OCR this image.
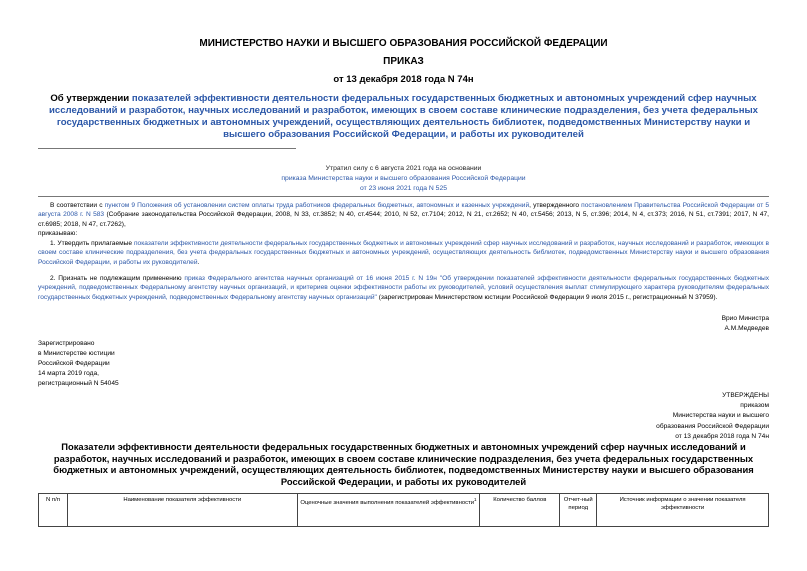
МИНИСТЕРСТВО НАУКИ И ВЫСШЕГО ОБРАЗОВАНИЯ РОССИЙСКОЙ ФЕДЕРАЦИИ
ПРИКАЗ
от 13 декабря 2018 года N 74н
Об утверждении показателей эффективности деятельности федеральных государственных бюджетных и автономных учреждений сфер научных исследований и разработок, научных исследований и разработок, имеющих в своем составе клинические подразделения, без учета федеральных государственных бюджетных и автономных учреждений, осуществляющих деятельность библиотек, подведомственных Министерству науки и высшего образования Российской Федерации, и работы их руководителей
Утратил силу с 6 августа 2021 года на основании
приказа Министерства науки и высшего образования Российской Федерации
от 23 июня 2021 года N 525
В соответствии с пунктом 9 Положения об установлении систем оплаты труда работников федеральных бюджетных, автономных и казенных учреждений, утвержденного постановлением Правительства Российской Федерации от 5 августа 2008 г. N 583 (Собрание законодательства Российской Федерации, 2008, N 33, ст.3852; N 40, ст.4544; 2010, N 52, ст.7104; 2012, N 21, ст.2652; N 40, ст.5456; 2013, N 5, ст.396; 2014, N 4, ст.373; 2016, N 51, ст.7391; 2017, N 47, ст.6985; 2018, N 47, ст.7262),
приказываю:
1. Утвердить прилагаемые показатели эффективности деятельности федеральных государственных бюджетных и автономных учреждений сфер научных исследований и разработок, научных исследований и разработок, имеющих в своем составе клинические подразделения, без учета федеральных государственных бюджетных и автономных учреждений, осуществляющих деятельность библиотек, подведомственных Министерству науки и высшего образования Российской Федерации, и работы их руководителей.
2. Признать не подлежащим применению приказ Федерального агентства научных организаций от 16 июня 2015 г. N 19н "Об утверждении показателей эффективности деятельности федеральных государственных бюджетных учреждений, подведомственных Федеральному агентству научных организаций, и критериев оценки эффективности работы их руководителей, условий осуществления выплат стимулирующего характера руководителям федеральных государственных бюджетных учреждений, подведомственных Федеральному агентству научных организаций" (зарегистрирован Министерством юстиции Российской Федерации 9 июля 2015 г., регистрационный N 37959).
Врио Министра
А.М.Медведев
Зарегистрировано
в Министерстве юстиции
Российской Федерации
14 марта 2019 года,
регистрационный N 54045
УТВЕРЖДЕНЫ
приказом
Министерства науки и высшего
образования Российской Федерации
от 13 декабря 2018 года N 74н
Показатели эффективности деятельности федеральных государственных бюджетных и автономных учреждений сфер научных исследований и разработок, научных исследований и разработок, имеющих в своем составе клинические подразделения, без учета федеральных государственных бюджетных и автономных учреждений, осуществляющих деятельность библиотек, подведомственных Министерству науки и высшего образования Российской Федерации, и работы их руководителей
N п/п	Наименование показателя эффективности	Оценочные значения выполнения показателей эффективности$^1$	Количество баллов	Отчет-ный период	Источник информации о значении показателя эффективности
